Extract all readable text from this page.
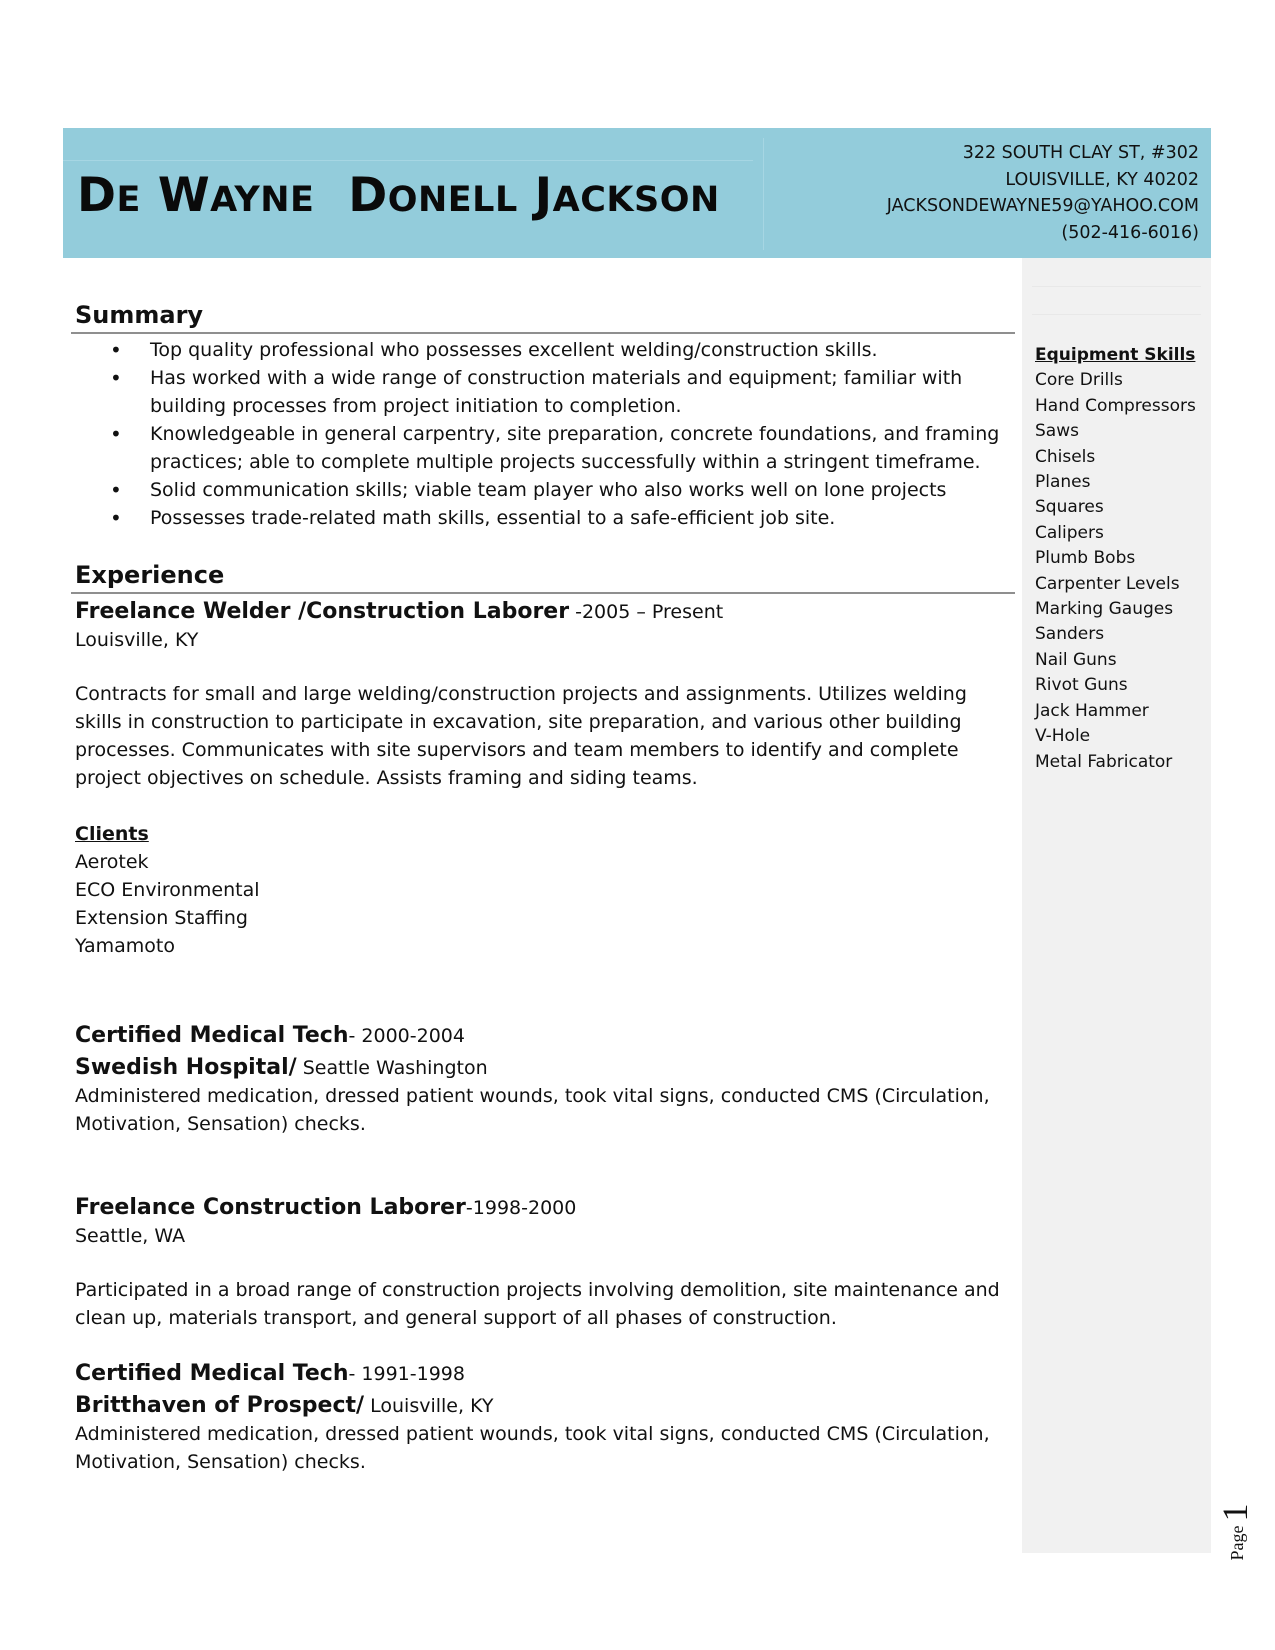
DE WAYNE DONELL JACKSON
322 SOUTH CLAY ST, #302
LOUISVILLE, KY 40202
JACKSONDEWAYNE59@YAHOO.COM
(502-416-6016)
Equipment Skills
Core Drills
Hand Compressors
Saws
Chisels
Planes
Squares
Calipers
Plumb Bobs
Carpenter Levels
Marking Gauges
Sanders
Nail Guns
Rivot Guns
Jack Hammer
V-Hole
Metal Fabricator
Summary
• Top quality professional who possesses excellent welding/construction skills.
• Has worked with a wide range of construction materials and equipment; familiar with building processes from project initiation to completion.
• Knowledgeable in general carpentry, site preparation, concrete foundations, and framing practices; able to complete multiple projects successfully within a stringent timeframe.
• Solid communication skills; viable team player who also works well on lone projects
• Possesses trade-related math skills, essential to a safe-efficient job site.
Experience
Freelance Welder /Construction Laborer -2005 – Present
Louisville, KY
Contracts for small and large welding/construction projects and assignments. Utilizes welding skills in construction to participate in excavation, site preparation, and various other building processes. Communicates with site supervisors and team members to identify and complete project objectives on schedule. Assists framing and siding teams.
Clients
Aerotek
ECO Environmental
Extension Staffing
Yamamoto
Certified Medical Tech- 2000-2004
Swedish Hospital/ Seattle Washington
Administered medication, dressed patient wounds, took vital signs, conducted CMS (Circulation, Motivation, Sensation) checks.
Freelance Construction Laborer-1998-2000
Seattle, WA
Participated in a broad range of construction projects involving demolition, site maintenance and clean up, materials transport, and general support of all phases of construction.
Certified Medical Tech- 1991-1998
Britthaven of Prospect/ Louisville, KY
Administered medication, dressed patient wounds, took vital signs, conducted CMS (Circulation, Motivation, Sensation) checks.
Page 1
